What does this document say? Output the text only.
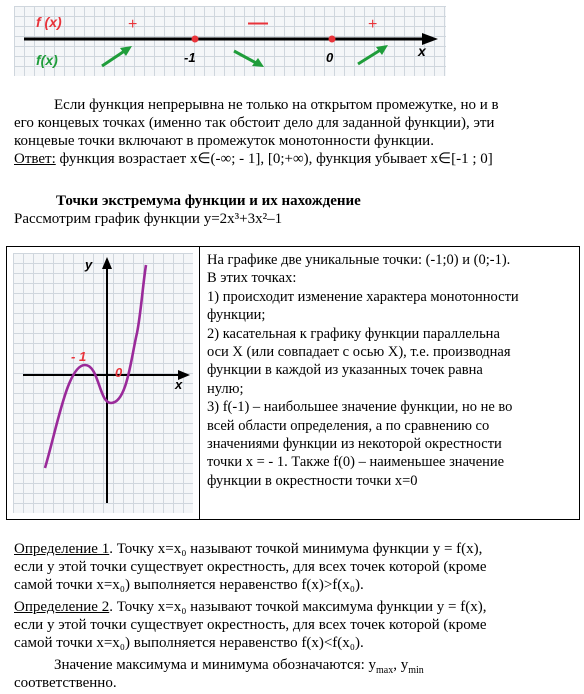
f (x)
f(x)
+	—	+
-1	0	x
Если функция непрерывна не только на открытом промежутке, но и в
его концевых точках (именно так обстоит дело для заданной функции), эти
концевые точки включают в промежуток монотонности функции.
Ответ: функция возрастает х∈(-∞; - 1], [0;+∞), функция убывает х∈[-1 ; 0]
Точки экстремума функции и их нахождение
Рассмотрим график функции y=2x³+3x²–1
y
x
- 1
0
На графике две уникальные точки: (-1;0) и (0;-1).
В этих точках:
1) происходит изменение характера монотонности
функции;
2) касательная к графику функции параллельна
оси Х (или совпадает с осью Х), т.е. производная
функции в каждой из указанных точек равна
нулю;
3) f(-1) – наибольшее значение функции, но не во
всей области определения, а по сравнению со
значениями функции из некоторой окрестности
точки х = - 1. Также f(0) – наименьшее значение
функции в окрестности точки х=0
Определение 1. Точку х=х₀ называют точкой минимума функции y = f(x),
если у этой точки существует окрестность, для всех точек которой (кроме
самой точки х=х₀) выполняется неравенство f(x)>f(x₀).
Определение 2. Точку х=х₀ называют точкой максимума функции y = f(x),
если у этой точки существует окрестность, для всех точек которой (кроме
самой точки х=х₀) выполняется неравенство f(x)<f(x₀).
Значение максимума и минимума обозначаются: $y_{max}$, $y_{min}$
соответственно.
